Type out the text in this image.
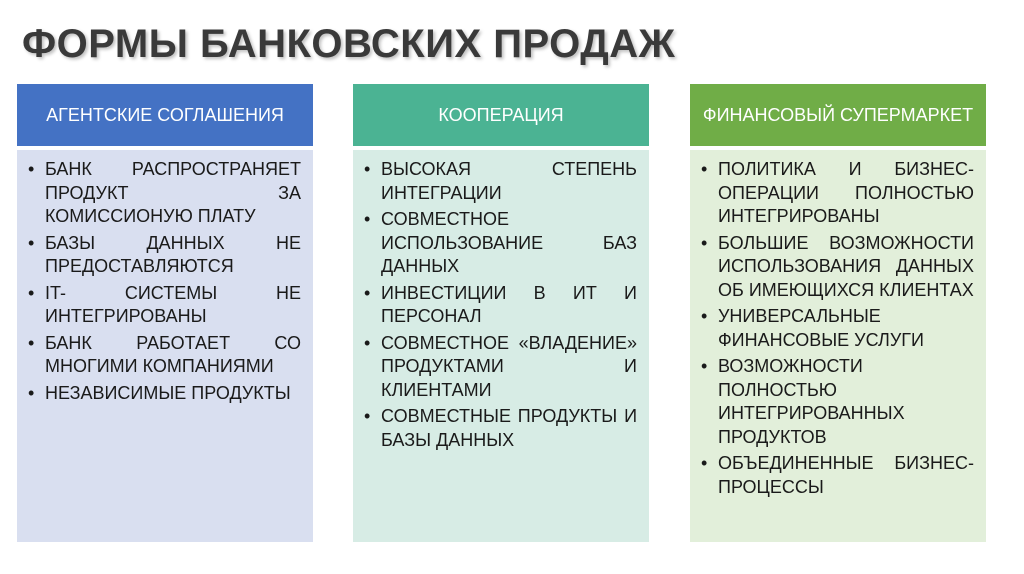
ФОРМЫ БАНКОВСКИХ ПРОДАЖ
АГЕНТСКИЕ СОГЛАШЕНИЯ
• БАНК РАСПРОСТРАНЯЕТ ПРОДУКТ ЗА КОМИССИОНУЮ ПЛАТУ
• БАЗЫ ДАННЫХ НЕ ПРЕДОСТАВЛЯЮТСЯ
• IT- СИСТЕМЫ НЕ ИНТЕГРИРОВАНЫ
• БАНК РАБОТАЕТ СО МНОГИМИ КОМПАНИЯМИ
• НЕЗАВИСИМЫЕ ПРОДУКТЫ
КООПЕРАЦИЯ
• ВЫСОКАЯ СТЕПЕНЬ ИНТЕГРАЦИИ
• СОВМЕСТНОЕ ИСПОЛЬЗОВАНИЕ БАЗ ДАННЫХ
• ИНВЕСТИЦИИ В ИТ И ПЕРСОНАЛ
• СОВМЕСТНОЕ «ВЛАДЕНИЕ» ПРОДУКТАМИ И КЛИЕНТАМИ
• СОВМЕСТНЫЕ ПРОДУКТЫ И БАЗЫ ДАННЫХ
ФИНАНСОВЫЙ СУПЕРМАРКЕТ
• ПОЛИТИКА И БИЗНЕС-ОПЕРАЦИИ ПОЛНОСТЬЮ ИНТЕГРИРОВАНЫ
• БОЛЬШИЕ ВОЗМОЖНОСТИ ИСПОЛЬЗОВАНИЯ ДАННЫХ ОБ ИМЕЮЩИХСЯ КЛИЕНТАХ
• УНИВЕРСАЛЬНЫЕ ФИНАНСОВЫЕ УСЛУГИ
• ВОЗМОЖНОСТИ ПОЛНОСТЬЮ ИНТЕГРИРОВАННЫХ ПРОДУКТОВ
• ОБЪЕДИНЕННЫЕ БИЗНЕС-ПРОЦЕССЫ
